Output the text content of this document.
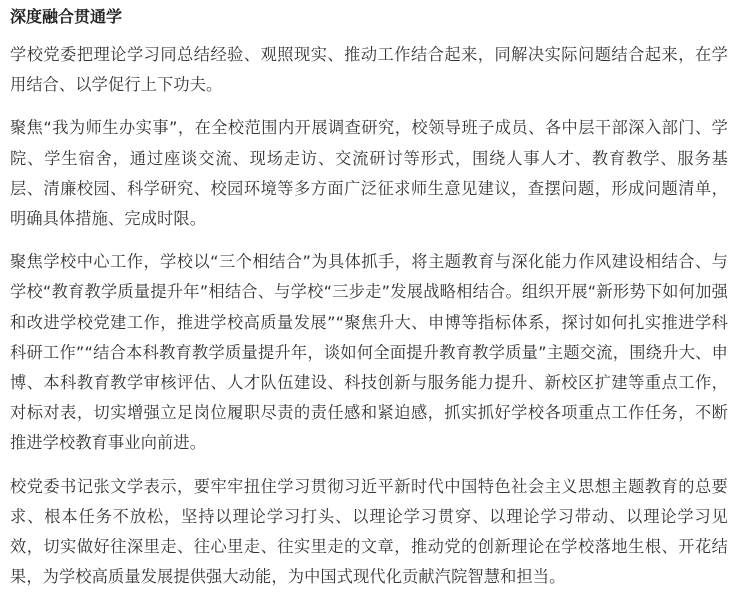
深度融合贯通学

学校党委把理论学习同总结经验、观照现实、推动工作结合起来，同解决实际问题结合起来，在学用结合、以学促行上下功夫。

聚焦“我为师生办实事”，在全校范围内开展调查研究，校领导班子成员、各中层干部深入部门、学院、学生宿舍，通过座谈交流、现场走访、交流研讨等形式，围绕人事人才、教育教学、服务基层、清廉校园、科学研究、校园环境等多方面广泛征求师生意见建议，查摆问题，形成问题清单，明确具体措施、完成时限。

聚焦学校中心工作，学校以“三个相结合”为具体抓手，将主题教育与深化能力作风建设相结合、与学校“教育教学质量提升年”相结合、与学校“三步走”发展战略相结合。组织开展“新形势下如何加强和改进学校党建工作，推进学校高质量发展”“聚焦升大、申博等指标体系，探讨如何扎实推进学科科研工作”“结合本科教育教学质量提升年，谈如何全面提升教育教学质量”主题交流，围绕升大、申博、本科教育教学审核评估、人才队伍建设、科技创新与服务能力提升、新校区扩建等重点工作，对标对表，切实增强立足岗位履职尽责的责任感和紧迫感，抓实抓好学校各项重点工作任务，不断推进学校教育事业向前进。

校党委书记张文学表示，要牢牢扭住学习贯彻习近平新时代中国特色社会主义思想主题教育的总要求、根本任务不放松，坚持以理论学习打头、以理论学习贯穿、以理论学习带动、以理论学习见效，切实做好往深里走、往心里走、往实里走的文章，推动党的创新理论在学校落地生根、开花结果，为学校高质量发展提供强大动能，为中国式现代化贡献汽院智慧和担当。
